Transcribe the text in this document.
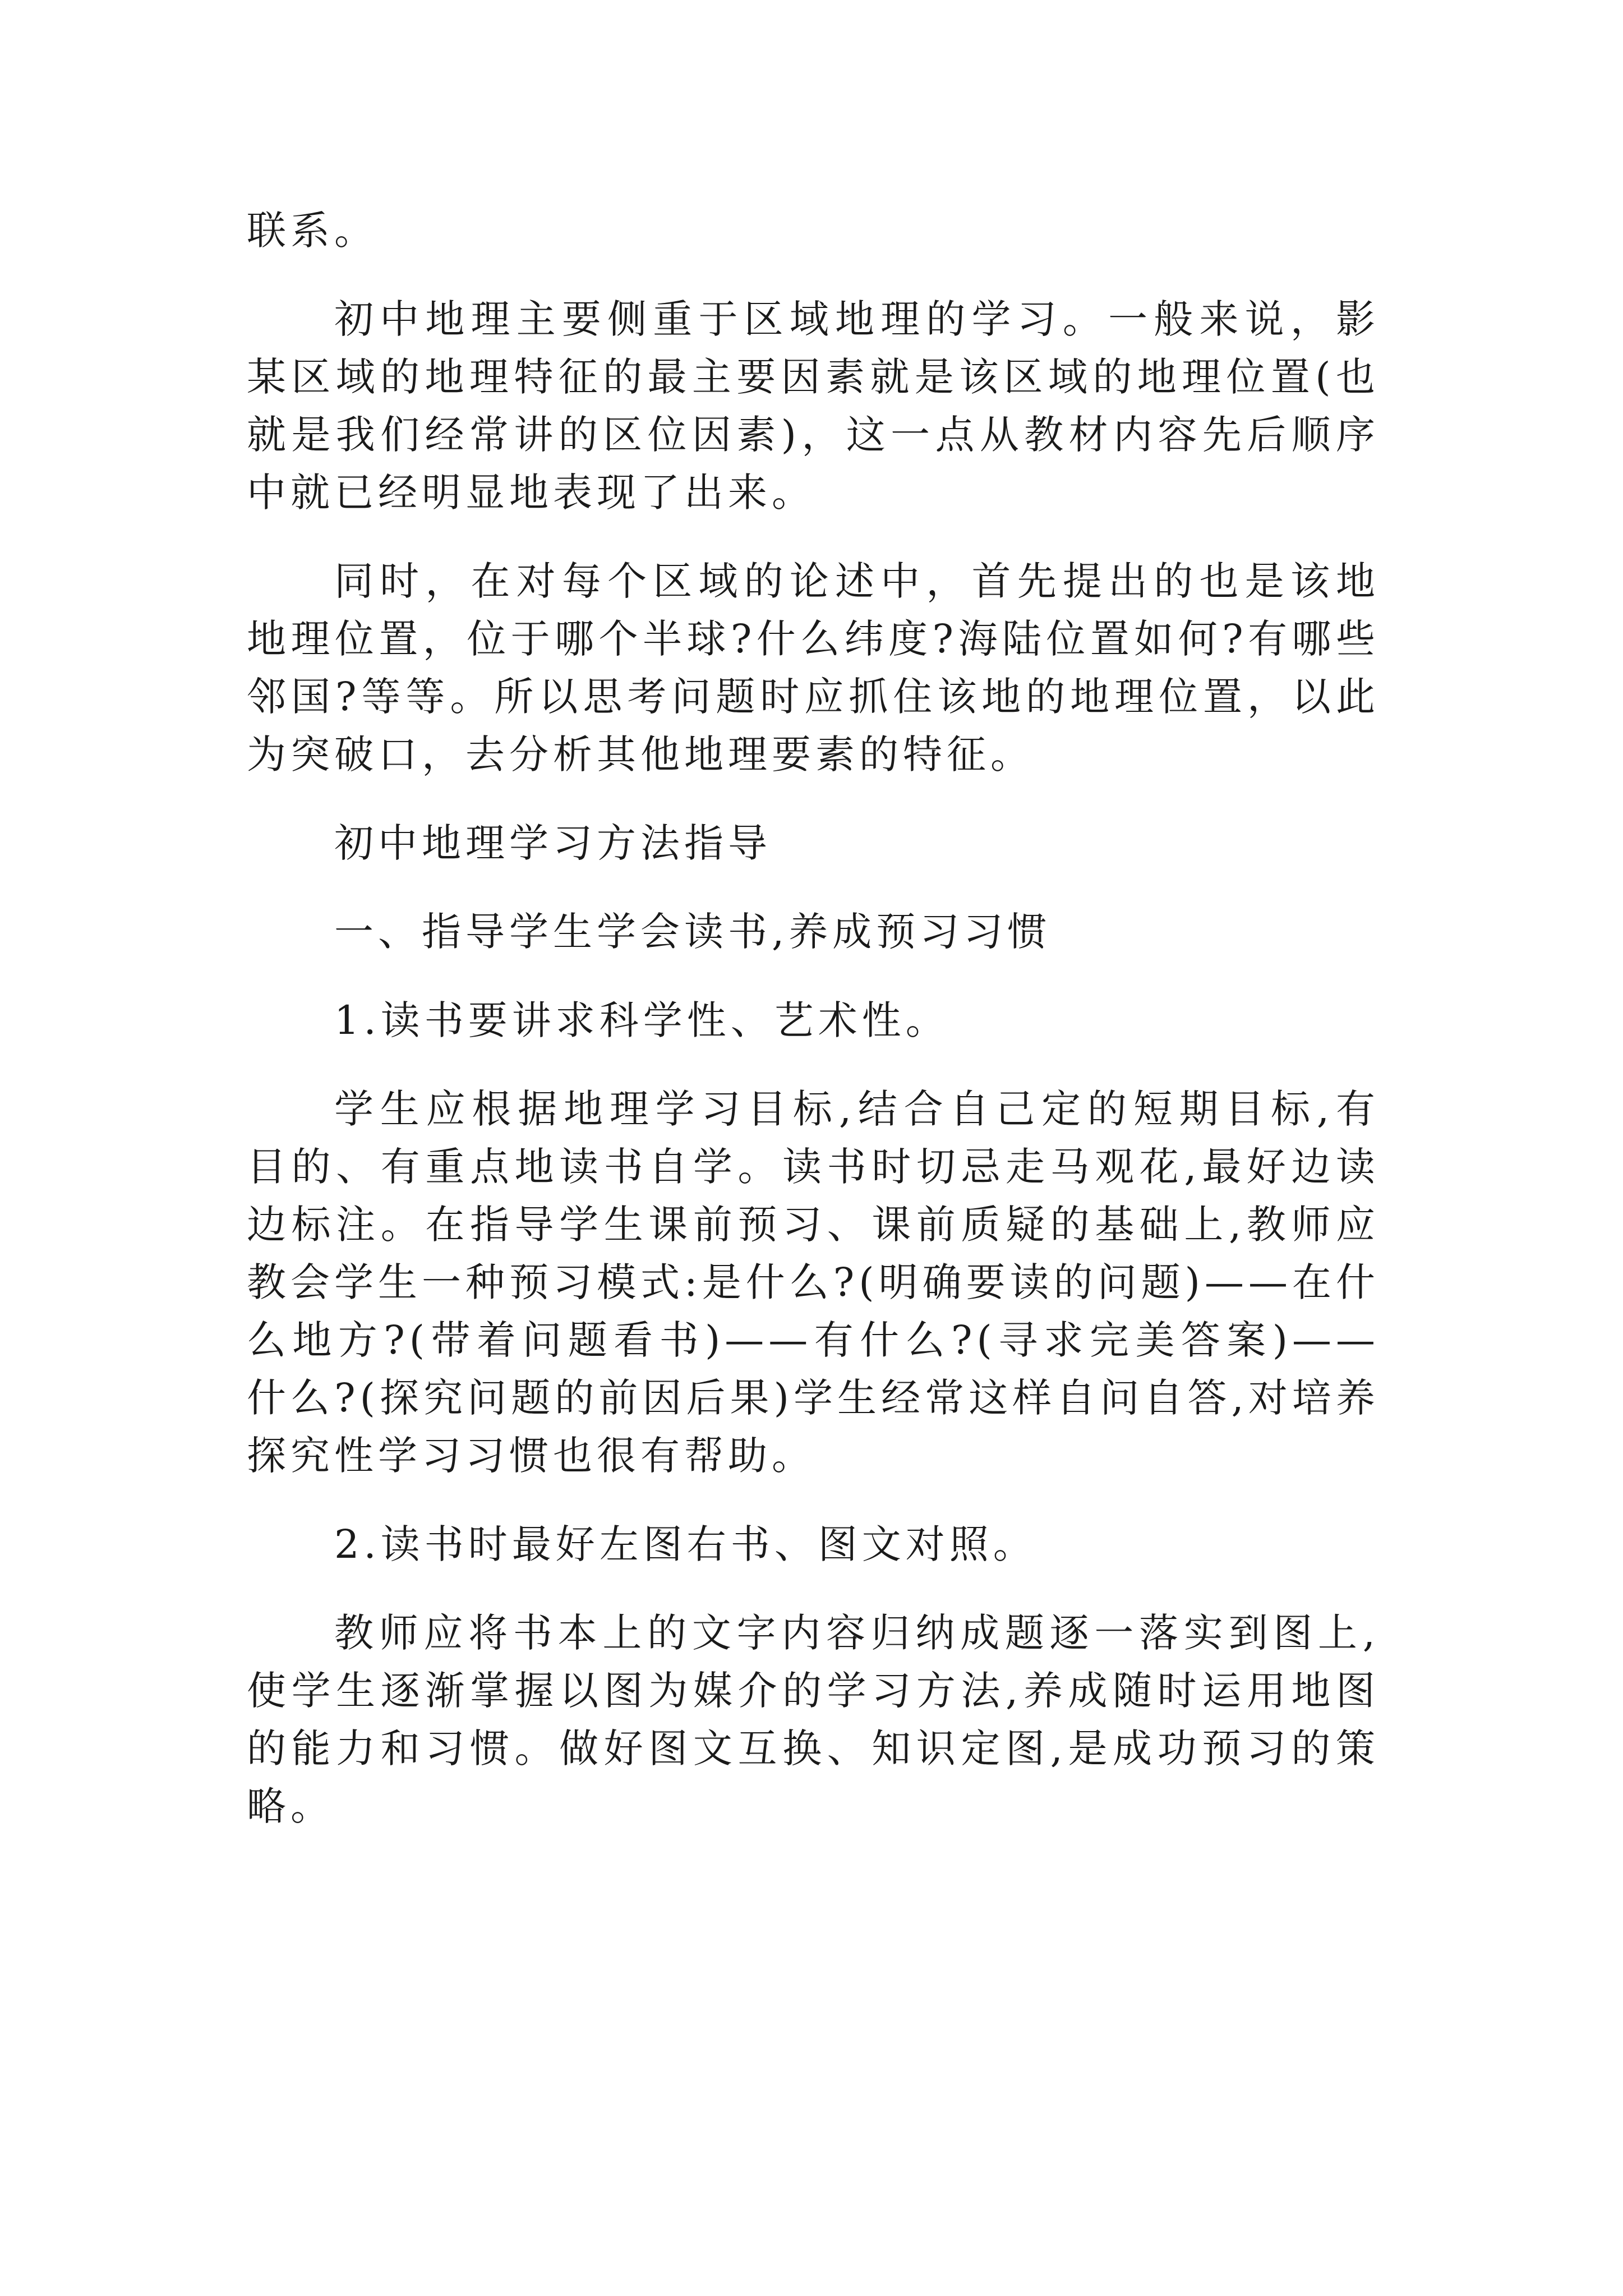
联系。
初中地理主要侧重于区域地理的学习。一般来说，影
某区域的地理特征的最主要因素就是该区域的地理位置(也
就是我们经常讲的区位因素)，这一点从教材内容先后顺序
中就已经明显地表现了出来。
同时，在对每个区域的论述中，首先提出的也是该地
地理位置，位于哪个半球?什么纬度?海陆位置如何?有哪些
邻国?等等。所以思考问题时应抓住该地的地理位置，以此
为突破口，去分析其他地理要素的特征。
初中地理学习方法指导
一、指导学生学会读书,养成预习习惯
1.读书要讲求科学性、艺术性。
学生应根据地理学习目标,结合自己定的短期目标,有
目的、有重点地读书自学。读书时切忌走马观花,最好边读
边标注。在指导学生课前预习、课前质疑的基础上,教师应
教会学生一种预习模式:是什么?(明确要读的问题)——在什
么地方?(带着问题看书)——有什么?(寻求完美答案)——
什么?(探究问题的前因后果)学生经常这样自问自答,对培养
探究性学习习惯也很有帮助。
2.读书时最好左图右书、图文对照。
教师应将书本上的文字内容归纳成题逐一落实到图上,
使学生逐渐掌握以图为媒介的学习方法,养成随时运用地图
的能力和习惯。做好图文互换、知识定图,是成功预习的策
略。
